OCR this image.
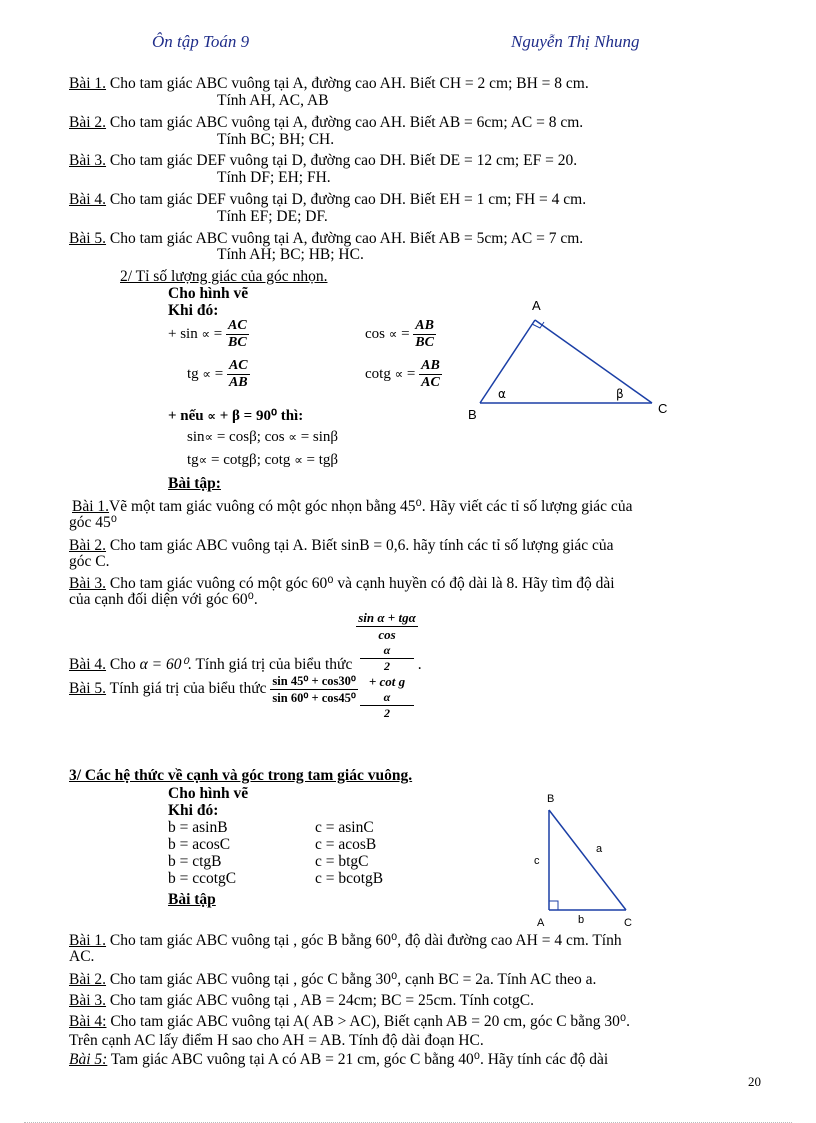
Ôn tập Toán 9	Nguyễn Thị Nhung
Bài 1. Cho tam giác ABC vuông tại A, đường cao AH. Biết CH = 2 cm; BH = 8 cm.
Tính AH, AC, AB
Bài 2. Cho tam giác ABC vuông tại A, đường cao AH. Biết AB = 6cm; AC = 8 cm.
Tính BC; BH; CH.
Bài 3. Cho tam giác DEF vuông tại D, đường cao DH. Biết DE = 12 cm; EF = 20.
Tính DF; EH; FH.
Bài 4. Cho tam giác DEF vuông tại D, đường cao DH. Biết EH = 1 cm; FH = 4 cm.
Tính EF; DE; DF.
Bài 5. Cho tam giác ABC vuông tại A, đường cao AH. Biết AB = 5cm; AC = 7 cm.
Tính AH; BC; HB; HC.
2/ Tỉ số lượng giác của góc nhọn.
Cho hình vẽ
Khi đó:
+ sin ∝ = $\frac{AC}{BC}$	cos ∝ = $\frac{AB}{BC}$
tg ∝ = $\frac{AC}{AB}$	cotg ∝ = $\frac{AB}{AC}$
+ nếu ∝ + β = 90⁰ thì:
sin∝ = cosβ; cos ∝ = sinβ
tg∝ = cotgβ; cotg ∝ = tgβ
Bài tập:
A
B	C
α	β
Bài 1.Vẽ một tam giác vuông có một góc nhọn bằng 45⁰. Hãy viết các tỉ số lượng giác của
góc 45⁰
Bài 2. Cho tam giác ABC vuông tại A. Biết sinB = 0,6. hãy tính các tỉ số lượng giác của
góc C.
Bài 3. Cho tam giác vuông có một góc 60⁰ và cạnh huyền có độ dài là 8. Hãy tìm độ dài
của cạnh đối diện với góc 60⁰.
Bài 4. Cho α = 60⁰. Tính giá trị của biểu thức sin α + tgα
cos
α
2
+ cot g
α
2 .
Bài 5. Tính giá trị của biểu thức $\frac{\text{sin 45⁰ + cos30⁰}}{\text{sin 60⁰ + cos45⁰}}$
3/ Các hệ thức về cạnh và góc trong tam giác vuông.
Cho hình vẽ
Khi đó:
b = asinB	c = asinC
b = acosC	c = acosB
b = ctgB	c = btgC
b = ccotgC	c = bcotgB
Bài tập
B
A	C
a
b
c
Bài 1. Cho tam giác ABC vuông tại , góc B bằng 60⁰, độ dài đường cao AH = 4 cm. Tính
AC.
Bài 2. Cho tam giác ABC vuông tại , góc C bằng 30⁰, cạnh BC = 2a. Tính AC theo a.
Bài 3. Cho tam giác ABC vuông tại , AB = 24cm; BC = 25cm. Tính cotgC.
Bài 4: Cho tam giác ABC vuông tại A( AB > AC), Biết cạnh AB = 20 cm, góc C bằng 30⁰.
Trên cạnh AC lấy điểm H sao cho AH = AB. Tính độ dài đoạn HC.
Bài 5: Tam giác ABC vuông tại A có AB = 21 cm, góc C bằng 40⁰. Hãy tính các độ dài
20
